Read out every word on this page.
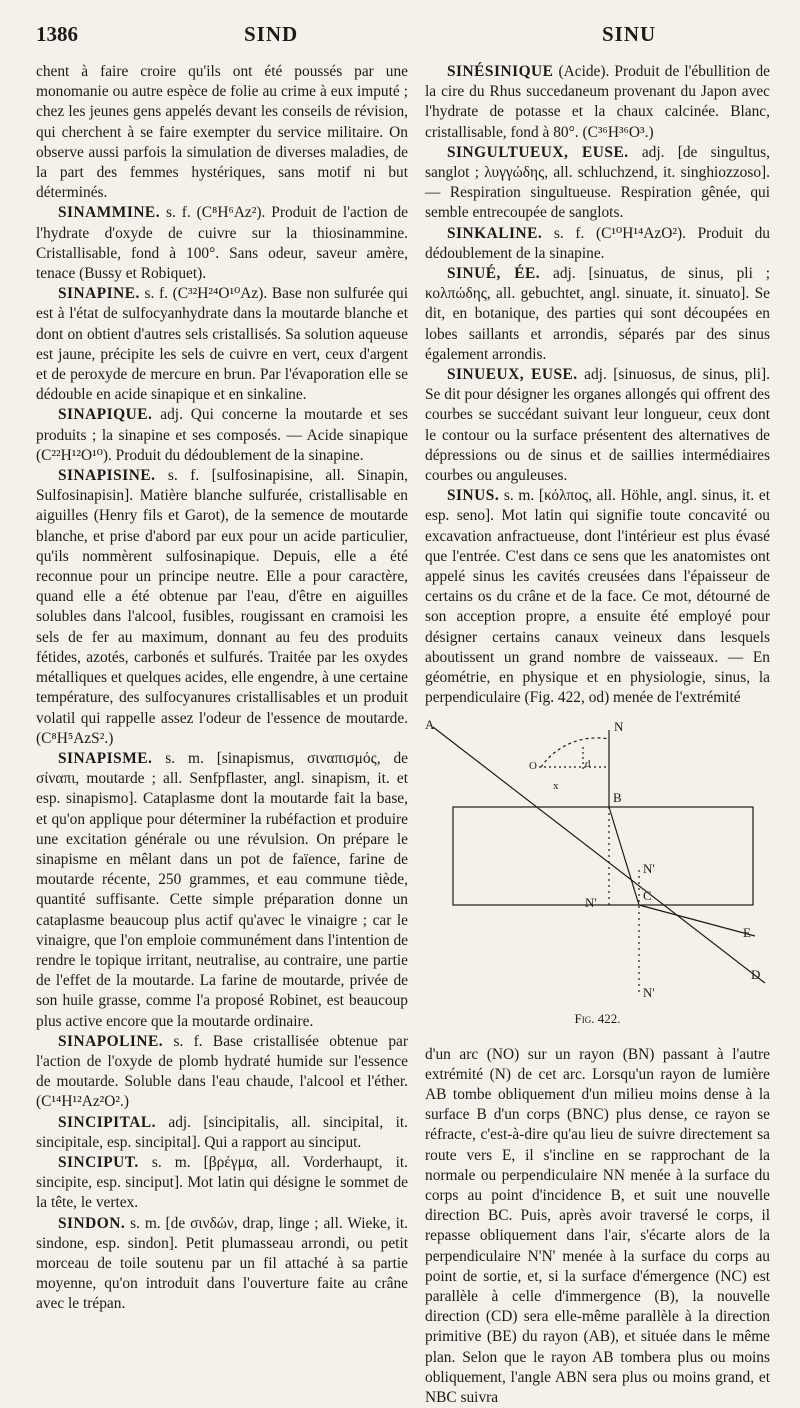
1386	SIND	SINU

chent à faire croire qu'ils ont été poussés par une monomanie ou autre espèce de folie au crime à eux imputé ; chez les jeunes gens appelés devant les conseils de révision, qui cherchent à se faire exempter du service militaire. On observe aussi parfois la simulation de diverses maladies, de la part des femmes hystériques, sans motif ni but déterminés.

SINAMMINE. s. f. (C⁸H⁶Az²). Produit de l'action de l'hydrate d'oxyde de cuivre sur la thiosinammine. Cristallisable, fond à 100°. Sans odeur, saveur amère, tenace (Bussy et Robiquet).

SINAPINE. s. f. (C³²H²⁴O¹⁰Az). Base non sulfurée qui est à l'état de sulfocyanhydrate dans la moutarde blanche et dont on obtient d'autres sels cristallisés. Sa solution aqueuse est jaune, précipite les sels de cuivre en vert, ceux d'argent et de peroxyde de mercure en brun. Par l'évaporation elle se dédouble en acide sinapique et en sinkaline.

SINAPIQUE. adj. Qui concerne la moutarde et ses produits ; la sinapine et ses composés. — Acide sinapique (C²²H¹²O¹⁰). Produit du dédoublement de la sinapine.

SINAPISINE. s. f. [sulfosinapisine, all. Sinapin, Sulfosinapisin]. Matière blanche sulfurée, cristallisable en aiguilles (Henry fils et Garot), de la semence de moutarde blanche, et prise d'abord par eux pour un acide particulier, qu'ils nommèrent sulfosinapique. Depuis, elle a été reconnue pour un principe neutre. Elle a pour caractère, quand elle a été obtenue par l'eau, d'être en aiguilles solubles dans l'alcool, fusibles, rougissant en cramoisi les sels de fer au maximum, donnant au feu des produits fétides, azotés, carbonés et sulfurés. Traitée par les oxydes métalliques et quelques acides, elle engendre, à une certaine température, des sulfocyanures cristallisables et un produit volatil qui rappelle assez l'odeur de l'essence de moutarde. (C⁸H⁵AzS².)

SINAPISME. s. m. [sinapismus, σιναπισμός, de σίναπι, moutarde ; all. Senfpflaster, angl. sinapism, it. et esp. sinapismo]. Cataplasme dont la moutarde fait la base, et qu'on applique pour déterminer la rubéfaction et produire une excitation générale ou une révulsion. On prépare le sinapisme en mêlant dans un pot de faïence, farine de moutarde récente, 250 grammes, et eau commune tiède, quantité suffisante. Cette simple préparation donne un cataplasme beaucoup plus actif qu'avec le vinaigre ; car le vinaigre, que l'on emploie communément dans l'intention de rendre le topique irritant, neutralise, au contraire, une partie de l'effet de la moutarde. La farine de moutarde, privée de son huile grasse, comme l'a proposé Robinet, est beaucoup plus active encore que la moutarde ordinaire.

SINAPOLINE. s. f. Base cristallisée obtenue par l'action de l'oxyde de plomb hydraté humide sur l'essence de moutarde. Soluble dans l'eau chaude, l'alcool et l'éther. (C¹⁴H¹²Az²O².)

SINCIPITAL. adj. [sincipitalis, all. sincipital, it. sincipitale, esp. sincipital]. Qui a rapport au sinciput.

SINCIPUT. s. m. [βρέγμα, all. Vorderhaupt, it. sincipite, esp. sinciput]. Mot latin qui désigne le sommet de la tête, le vertex.

SINDON. s. m. [de σινδών, drap, linge ; all. Wieke, it. sindone, esp. sindon]. Petit plumasseau arrondi, ou petit morceau de toile soutenu par un fil attaché à sa partie moyenne, qu'on introduit dans l'ouverture faite au crâne avec le trépan.

SINÉSINIQUE (Acide). Produit de l'ébullition de la cire du Rhus succedaneum provenant du Japon avec l'hydrate de potasse et la chaux calcinée. Blanc, cristallisable, fond à 80°. (C³⁶H³⁶O³.)

SINGULTUEUX, EUSE. adj. [de singultus, sanglot ; λυγγώδης, all. schluchzend, it. singhiozzoso]. — Respiration singultueuse. Respiration gênée, qui semble entrecoupée de sanglots.

SINKALINE. s. f. (C¹⁰H¹⁴AzO²). Produit du dédoublement de la sinapine.

SINUÉ, ÉE. adj. [sinuatus, de sinus, pli ; κολπώδης, all. gebuchtet, angl. sinuate, it. sinuato]. Se dit, en botanique, des parties qui sont découpées en lobes saillants et arrondis, séparés par des sinus également arrondis.

SINUEUX, EUSE. adj. [sinuosus, de sinus, pli]. Se dit pour désigner les organes allongés qui offrent des courbes se succédant suivant leur longueur, ceux dont le contour ou la surface présentent des alternatives de dépressions ou de sinus et de saillies intermédiaires courbes ou anguleuses.

SINUS. s. m. [κόλπος, all. Höhle, angl. sinus, it. et esp. seno]. Mot latin qui signifie toute concavité ou excavation anfractueuse, dont l'intérieur est plus évasé que l'entrée. C'est dans ce sens que les anatomistes ont appelé sinus les cavités creusées dans l'épaisseur de certains os du crâne et de la face. Ce mot, détourné de son acception propre, a ensuite été employé pour désigner certains canaux veineux dans lesquels aboutissent un grand nombre de vaisseaux. — En géométrie, en physique et en physiologie, sinus, la perpendiculaire (Fig. 422, od) menée de l'extrémité

A	N
O	d
x
B
N'
C
N'
E
N'
D
Fig. 422.

d'un arc (NO) sur un rayon (BN) passant à l'autre extrémité (N) de cet arc. Lorsqu'un rayon de lumière AB tombe obliquement d'un milieu moins dense à la surface B d'un corps (BNC) plus dense, ce rayon se réfracte, c'est-à-dire qu'au lieu de suivre directement sa route vers E, il s'incline en se rapprochant de la normale ou perpendiculaire NN menée à la surface du corps au point d'incidence B, et suit une nouvelle direction BC. Puis, après avoir traversé le corps, il repasse obliquement dans l'air, s'écarte alors de la perpendiculaire N'N' menée à la surface du corps au point de sortie, et, si la surface d'émergence (NC) est parallèle à celle d'immergence (B), la nouvelle direction (CD) sera elle-même parallèle à la direction primitive (BE) du rayon (AB), et située dans le même plan. Selon que le rayon AB tombera plus ou moins obliquement, l'angle ABN sera plus ou moins grand, et NBC suivra
